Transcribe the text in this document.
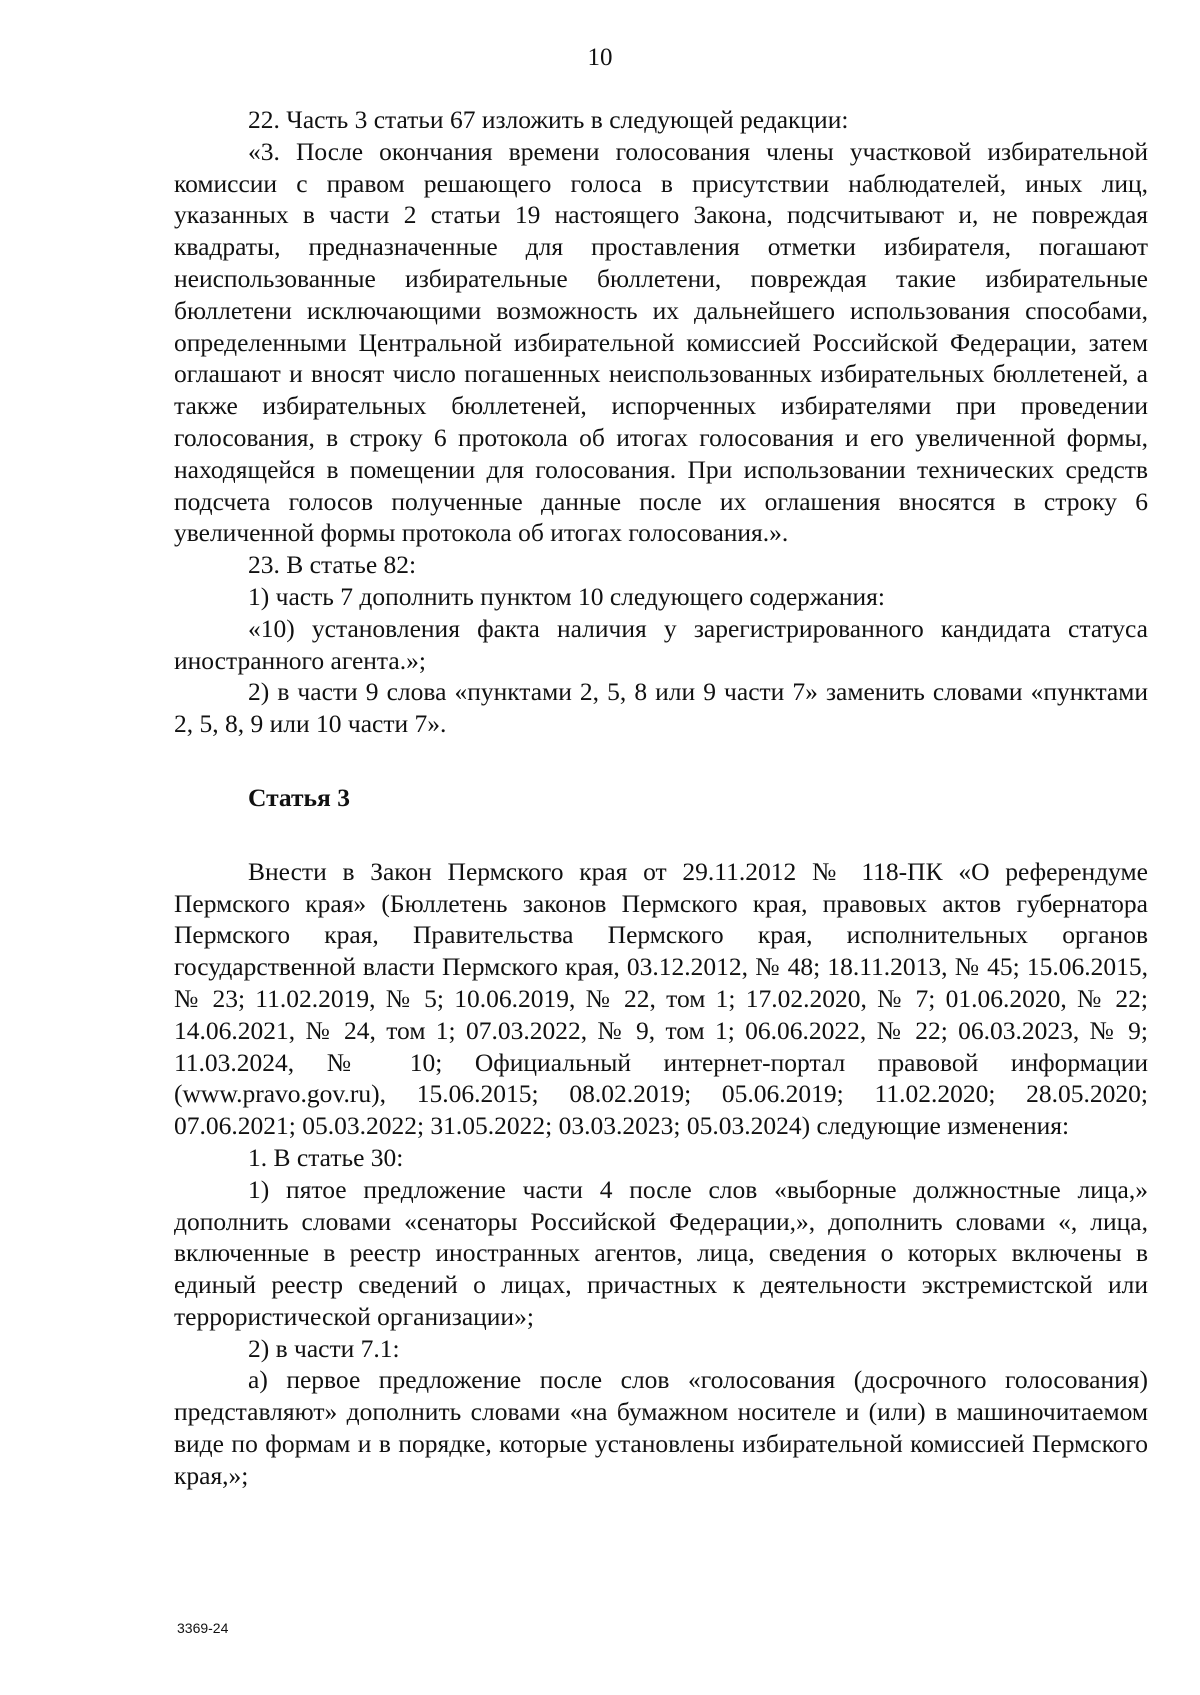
10

22. Часть 3 статьи 67 изложить в следующей редакции:

«3. После окончания времени голосования члены участковой избирательной комиссии с правом решающего голоса в присутствии наблюдателей, иных лиц, указанных в части 2 статьи 19 настоящего Закона, подсчитывают и, не повреждая квадраты, предназначенные для проставления отметки избирателя, погашают неиспользованные избирательные бюллетени, повреждая такие избирательные бюллетени исключающими возможность их дальнейшего использования способами, определенными Центральной избирательной комиссией Российской Федерации, затем оглашают и вносят число погашенных неиспользованных избирательных бюллетеней, а также избирательных бюллетеней, испорченных избирателями при проведении голосования, в строку 6 протокола об итогах голосования и его увеличенной формы, находящейся в помещении для голосования. При использовании технических средств подсчета голосов полученные данные после их оглашения вносятся в строку 6 увеличенной формы протокола об итогах голосования.».

23. В статье 82:

1) часть 7 дополнить пунктом 10 следующего содержания:

«10) установления факта наличия у зарегистрированного кандидата статуса иностранного агента.»;

2) в части 9 слова «пунктами 2, 5, 8 или 9 части 7» заменить словами «пунктами 2, 5, 8, 9 или 10 части 7».

Статья 3

Внести в Закон Пермского края от 29.11.2012 № 118-ПК «О референдуме Пермского края» (Бюллетень законов Пермского края, правовых актов губернатора Пермского края, Правительства Пермского края, исполнительных органов государственной власти Пермского края, 03.12.2012, № 48; 18.11.2013, № 45; 15.06.2015, № 23; 11.02.2019, № 5; 10.06.2019, № 22, том 1; 17.02.2020, № 7; 01.06.2020, № 22; 14.06.2021, № 24, том 1; 07.03.2022, № 9, том 1; 06.06.2022, № 22; 06.03.2023, № 9; 11.03.2024, № 10; Официальный интернет-портал правовой информации (www.pravo.gov.ru), 15.06.2015; 08.02.2019; 05.06.2019; 11.02.2020; 28.05.2020; 07.06.2021; 05.03.2022; 31.05.2022; 03.03.2023; 05.03.2024) следующие изменения:

1. В статье 30:

1) пятое предложение части 4 после слов «выборные должностные лица,» дополнить словами «сенаторы Российской Федерации,», дополнить словами «, лица, включенные в реестр иностранных агентов, лица, сведения о которых включены в единый реестр сведений о лицах, причастных к деятельности экстремистской или террористической организации»;

2) в части 7.1:

а) первое предложение после слов «голосования (досрочного голосования) представляют» дополнить словами «на бумажном носителе и (или) в машиночитаемом виде по формам и в порядке, которые установлены избирательной комиссией Пермского края,»;

3369-24
